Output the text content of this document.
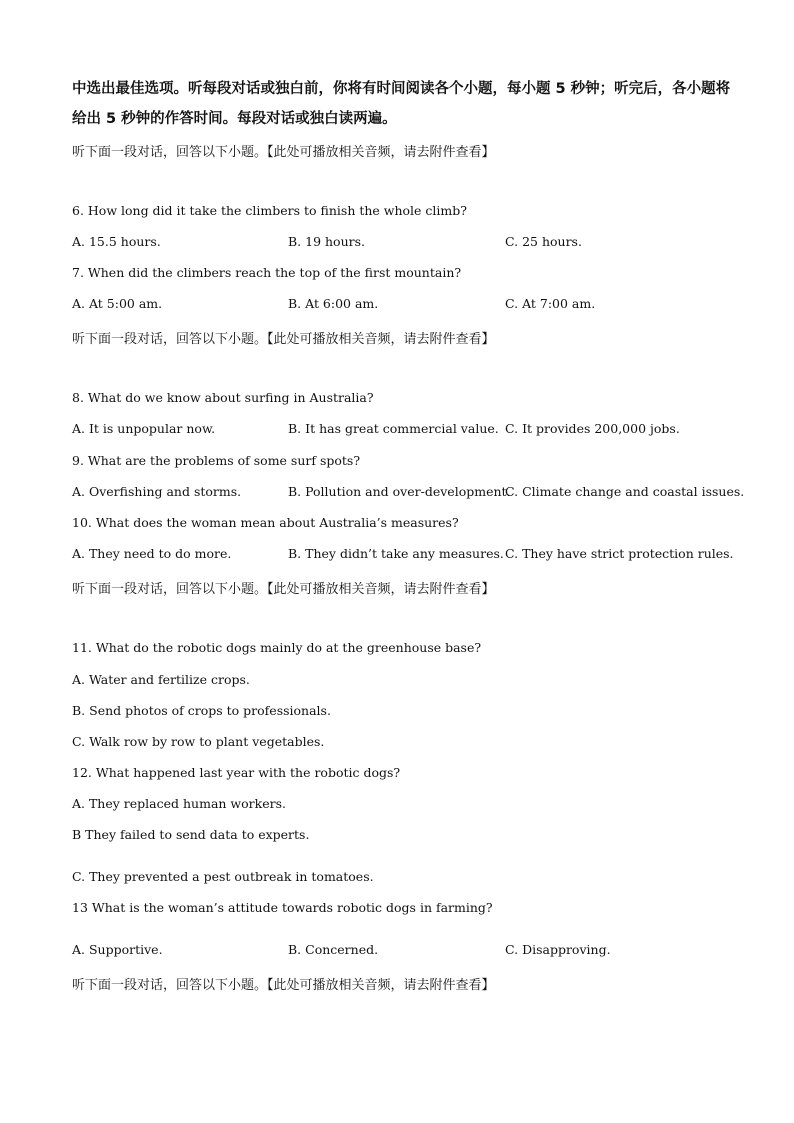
中选出最佳选项。听每段对话或独白前，你将有时间阅读各个小题，每小题 5 秒钟；听完后，各小题将给出 5 秒钟的作答时间。每段对话或独白读两遍。
听下面一段对话，回答以下小题。【此处可播放相关音频，请去附件查看】
6. How long did it take the climbers to finish the whole climb?
A. 15.5 hours.	B. 19 hours.	C. 25 hours.
7. When did the climbers reach the top of the first mountain?
A. At 5:00 am.	B. At 6:00 am.	C. At 7:00 am.
听下面一段对话，回答以下小题。【此处可播放相关音频，请去附件查看】
8. What do we know about surfing in Australia?
A. It is unpopular now.	B. It has great commercial value. C. It provides 200,000 jobs.
9. What are the problems of some surf spots?
A. Overfishing and storms.	B. Pollution and over-development.
C. Climate change and coastal issues.
10. What does the woman mean about Australia’s measures?
A. They need to do more.	B. They didn’t take any measures. C. They have strict protection rules.
听下面一段对话，回答以下小题。【此处可播放相关音频，请去附件查看】
11. What do the robotic dogs mainly do at the greenhouse base?
A. Water and fertilize crops.
B. Send photos of crops to professionals.
C. Walk row by row to plant vegetables.
12. What happened last year with the robotic dogs?
A. They replaced human workers.
B They failed to send data to experts.
C. They prevented a pest outbreak in tomatoes.
13 What is the woman’s attitude towards robotic dogs in farming?
A. Supportive.	B. Concerned.	C. Disapproving.
听下面一段对话，回答以下小题。【此处可播放相关音频，请去附件查看】
